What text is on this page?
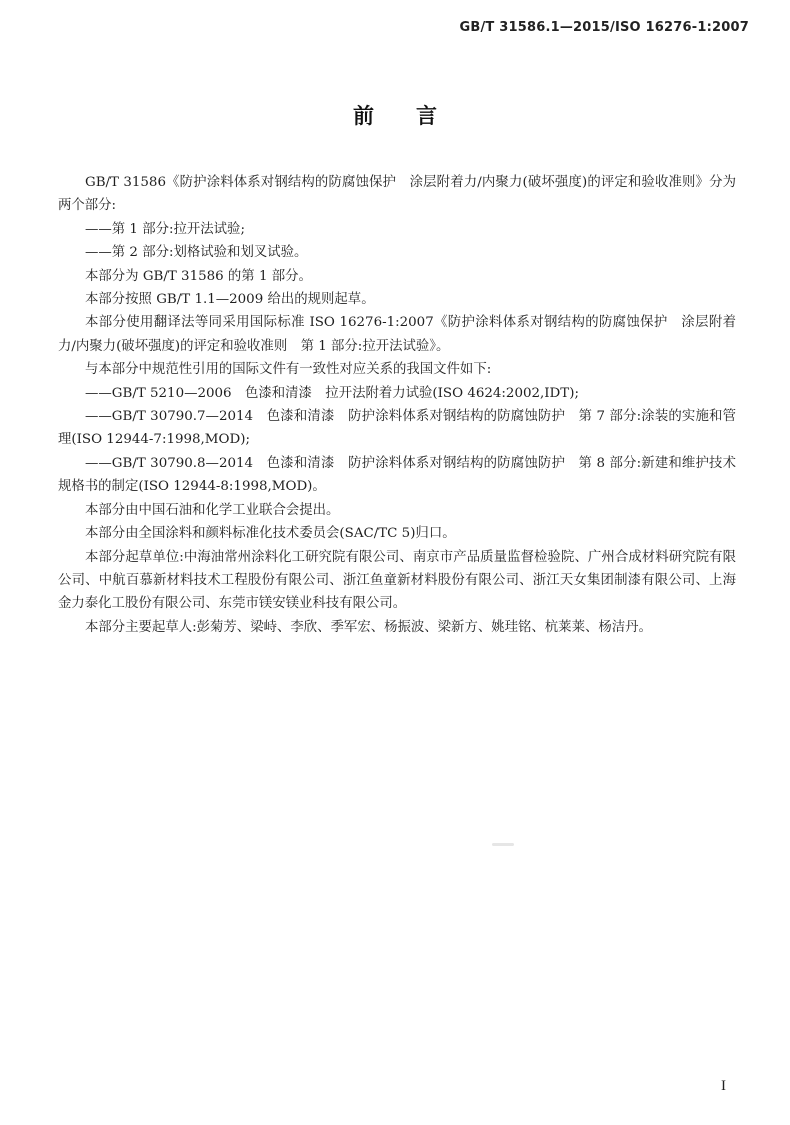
GB/T 31586.1—2015/ISO 16276-1:2007
前言

GB/T 31586《防护涂料体系对钢结构的防腐蚀保护　涂层附着力/内聚力(破坏强度)的评定和验收准则》分为两个部分:

——第 1 部分:拉开法试验;

——第 2 部分:划格试验和划叉试验。

本部分为 GB/T 31586 的第 1 部分。

本部分按照 GB/T 1.1—2009 给出的规则起草。

本部分使用翻译法等同采用国际标准 ISO 16276-1:2007《防护涂料体系对钢结构的防腐蚀保护　涂层附着力/内聚力(破坏强度)的评定和验收准则　第 1 部分:拉开法试验》。

与本部分中规范性引用的国际文件有一致性对应关系的我国文件如下:

——GB/T 5210—2006　色漆和清漆　拉开法附着力试验(ISO 4624:2002,IDT);

——GB/T 30790.7—2014　色漆和清漆　防护涂料体系对钢结构的防腐蚀防护　第 7 部分:涂装的实施和管理(ISO 12944-7:1998,MOD);

——GB/T 30790.8—2014　色漆和清漆　防护涂料体系对钢结构的防腐蚀防护　第 8 部分:新建和维护技术规格书的制定(ISO 12944-8:1998,MOD)。

本部分由中国石油和化学工业联合会提出。

本部分由全国涂料和颜料标准化技术委员会(SAC/TC 5)归口。

本部分起草单位:中海油常州涂料化工研究院有限公司、南京市产品质量监督检验院、广州合成材料研究院有限公司、中航百慕新材料技术工程股份有限公司、浙江鱼童新材料股份有限公司、浙江天女集团制漆有限公司、上海金力泰化工股份有限公司、东莞市镁安镁业科技有限公司。

本部分主要起草人:彭菊芳、梁峙、李欣、季军宏、杨振波、梁新方、姚珪铭、杭莱莱、杨洁丹。

I
